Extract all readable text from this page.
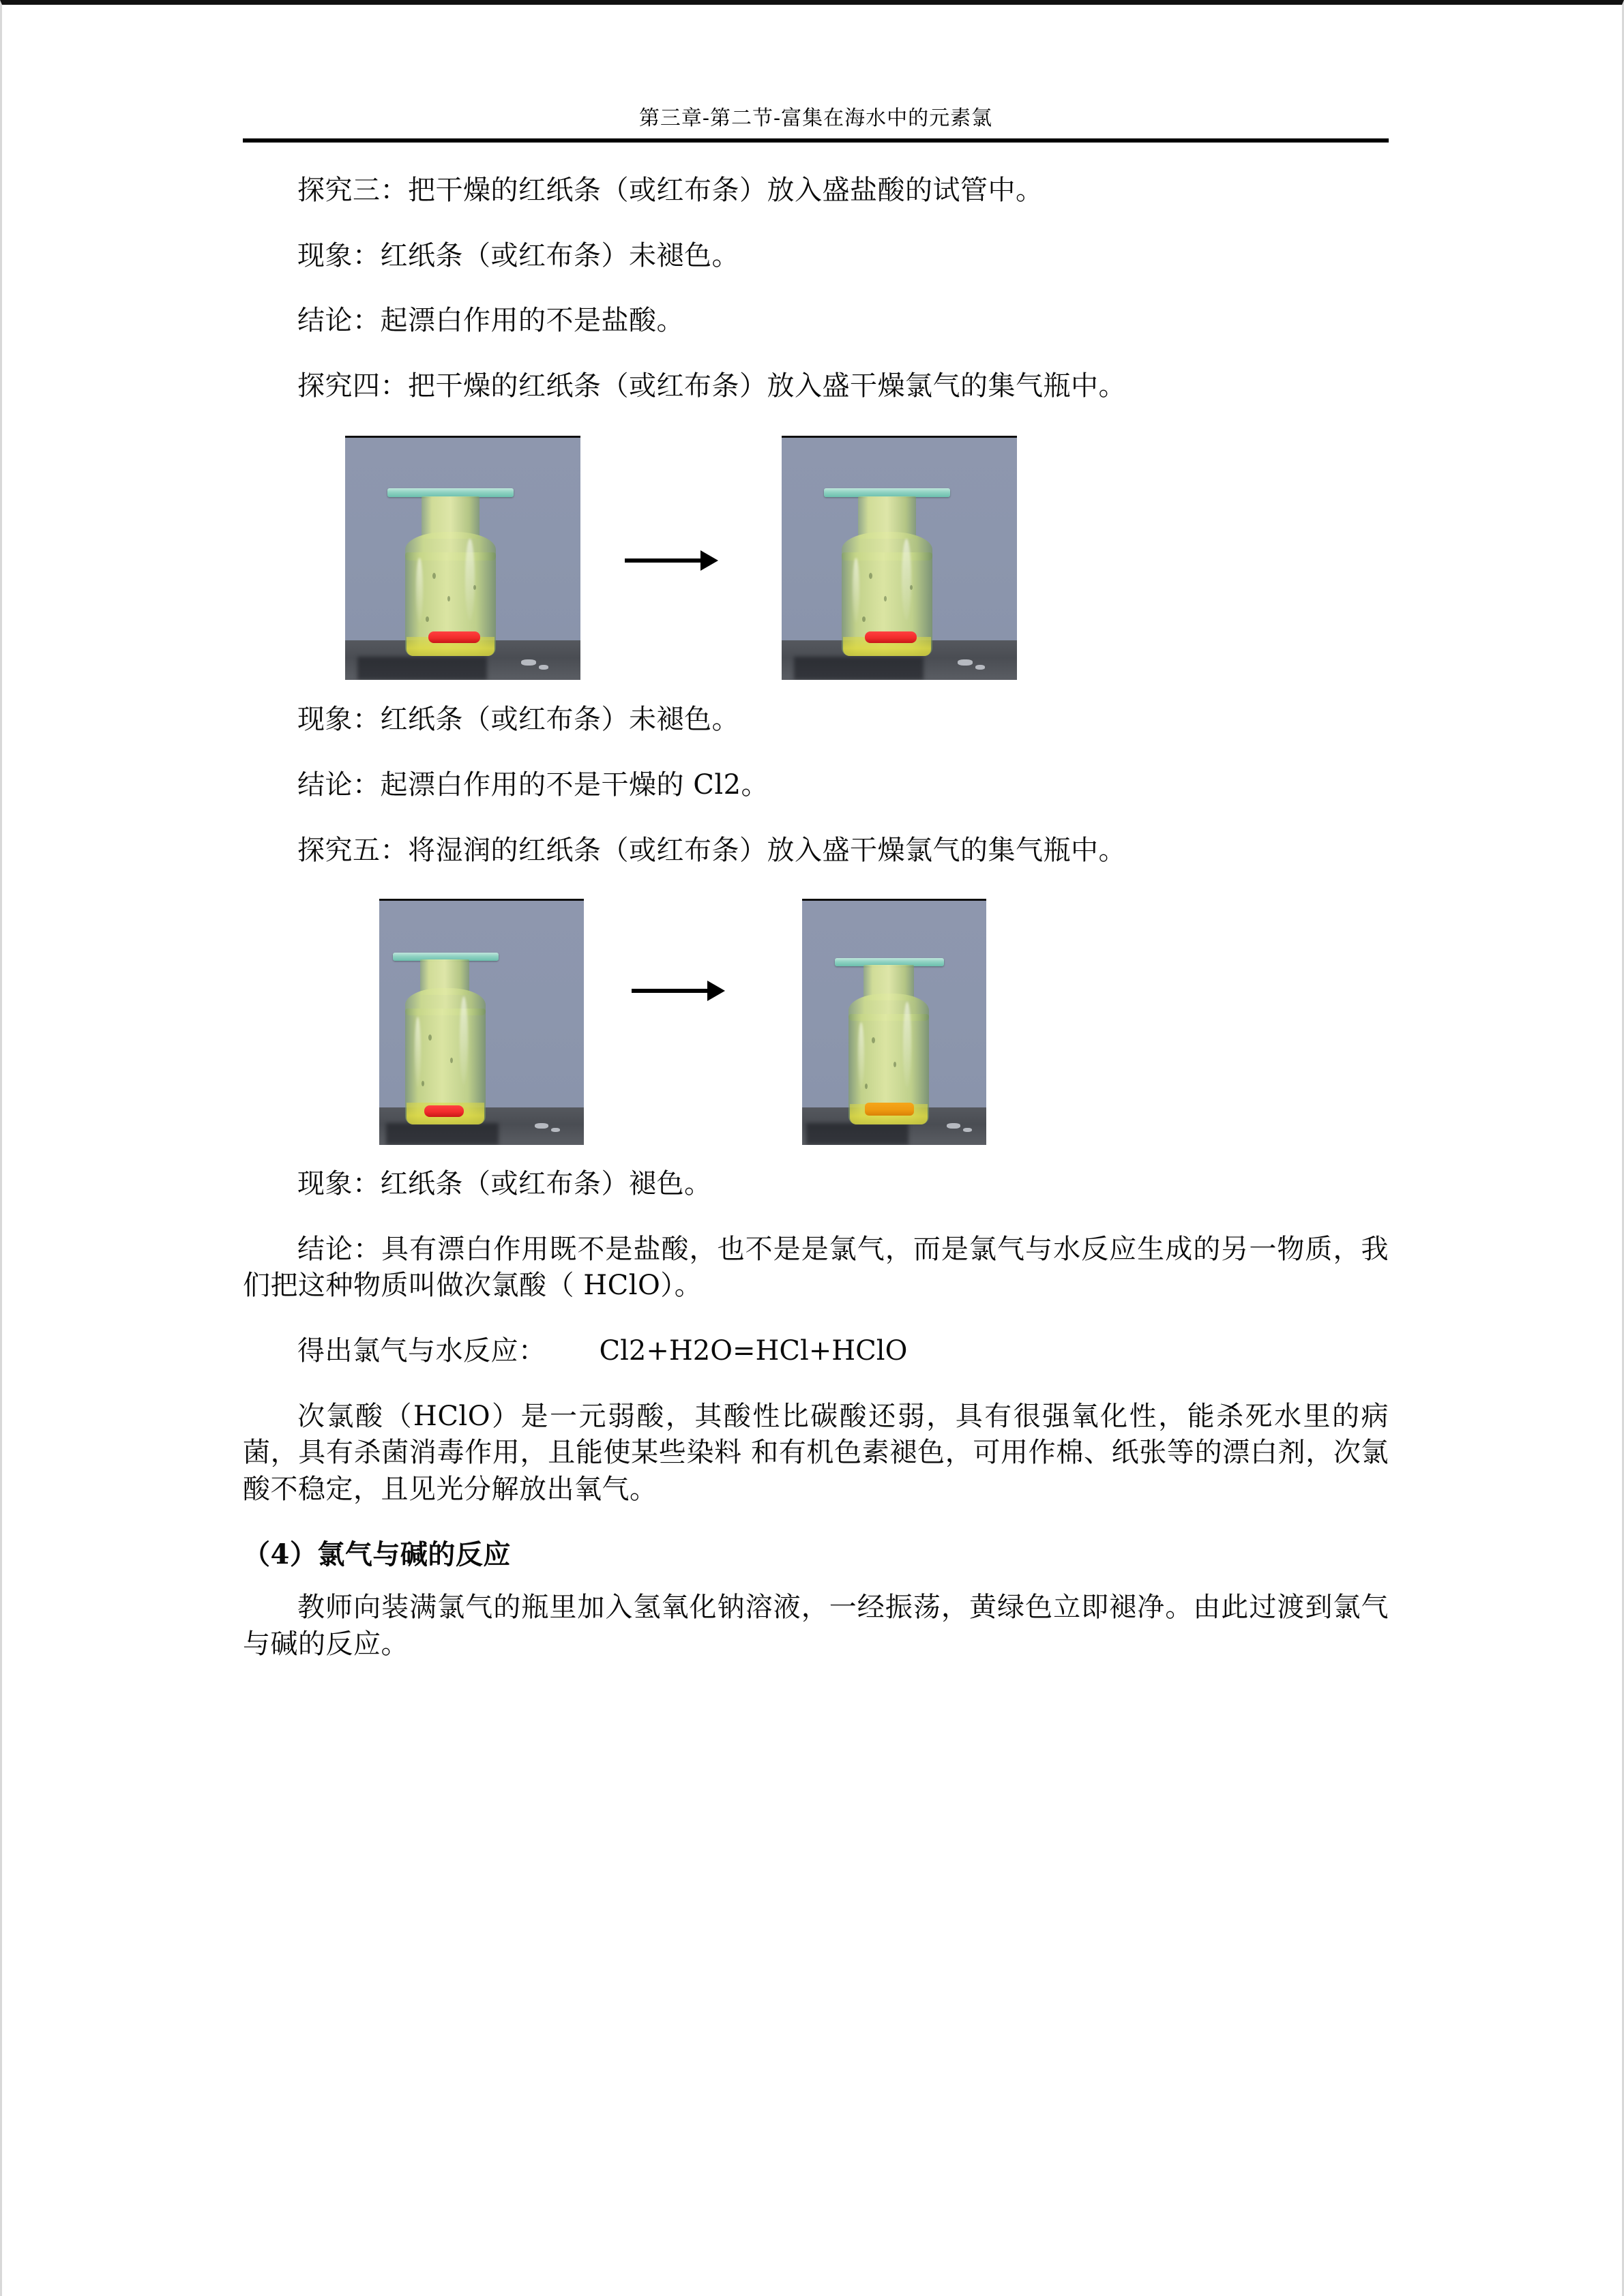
第三章-第二节-富集在海水中的元素氯

探究三：把干燥的红纸条（或红布条）放入盛盐酸的试管中。

现象：红纸条（或红布条）未褪色。

结论：起漂白作用的不是盐酸。

探究四：把干燥的红纸条（或红布条）放入盛干燥氯气的集气瓶中。

现象：红纸条（或红布条）未褪色。

结论：起漂白作用的不是干燥的 Cl2。

探究五：将湿润的红纸条（或红布条）放入盛干燥氯气的集气瓶中。

现象：红纸条（或红布条）褪色。

结论：具有漂白作用既不是盐酸，也不是是氯气，而是氯气与水反应生成的另一物质，我们把这种物质叫做次氯酸（ HClO）。

得出氯气与水反应： Cl2+H2O=HCl+HClO

次氯酸（HClO）是一元弱酸，其酸性比碳酸还弱，具有很强氧化性，能杀死水里的病菌，具有杀菌消毒作用，且能使某些染料 和有机色素褪色，可用作棉、纸张等的漂白剂，次氯酸不稳定，且见光分解放出氧气。

（4）氯气与碱的反应

教师向装满氯气的瓶里加入氢氧化钠溶液，一经振荡，黄绿色立即褪净。由此过渡到氯气与碱的反应。
